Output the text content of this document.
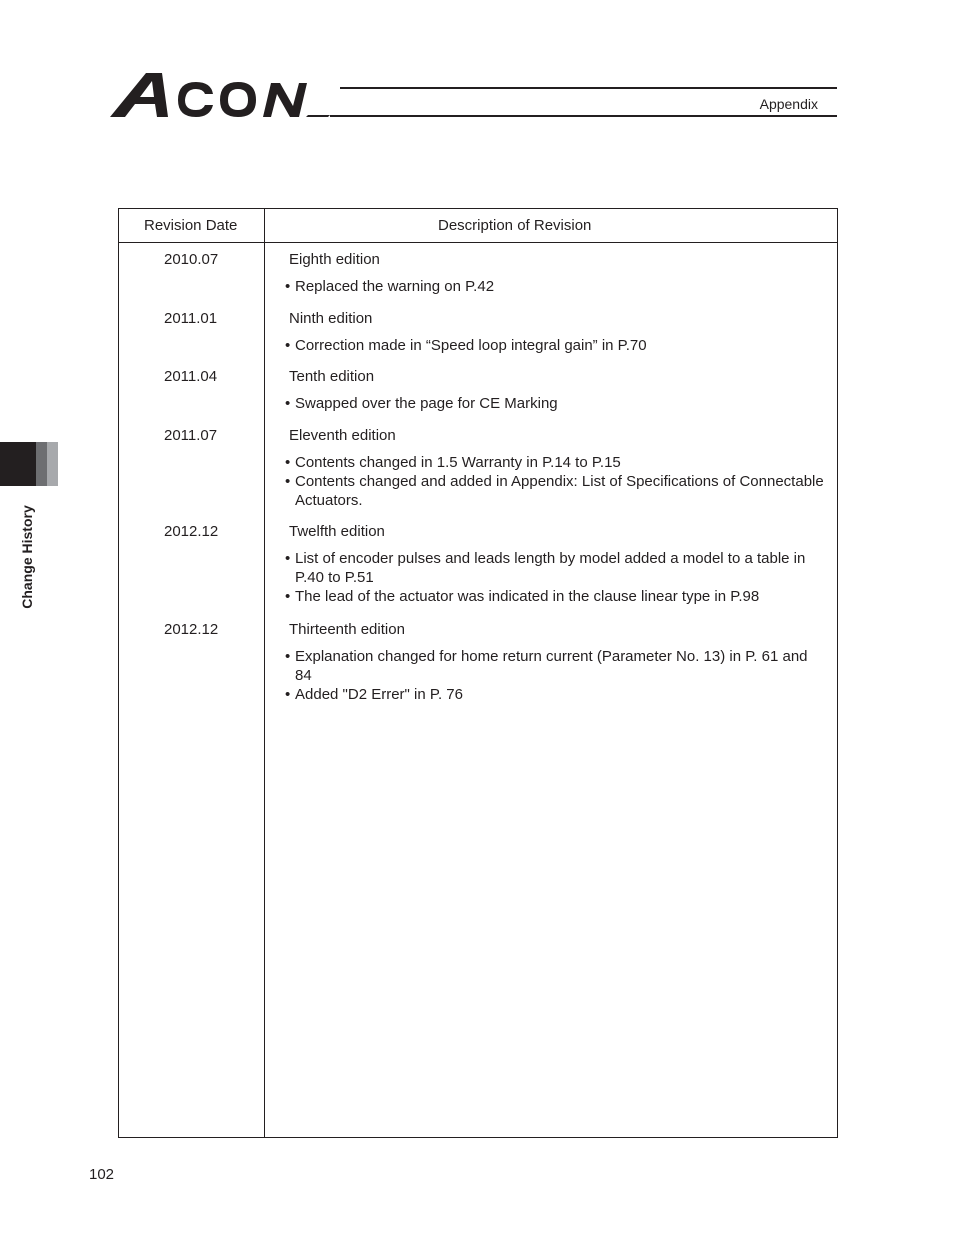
Appendix
Change History
Revision Date	Description of Revision
2010.07	Eighth edition
• Replaced the warning on P.42
2011.01	Ninth edition
• Correction made in “Speed loop integral gain” in P.70
2011.04	Tenth edition
• Swapped over the page for CE Marking
2011.07	Eleventh edition
• Contents changed in 1.5 Warranty in P.14 to P.15
• Contents changed and added in Appendix: List of Specifications of Connectable Actuators.
2012.12	Twelfth edition
• List of encoder pulses and leads length by model added a model to a table in P.40 to P.51
• The lead of the actuator was indicated in the clause linear type in P.98
2012.12	Thirteenth edition
• Explanation changed for home return current (Parameter No. 13) in P. 61 and 84
• Added "D2 Errer" in P. 76
102
